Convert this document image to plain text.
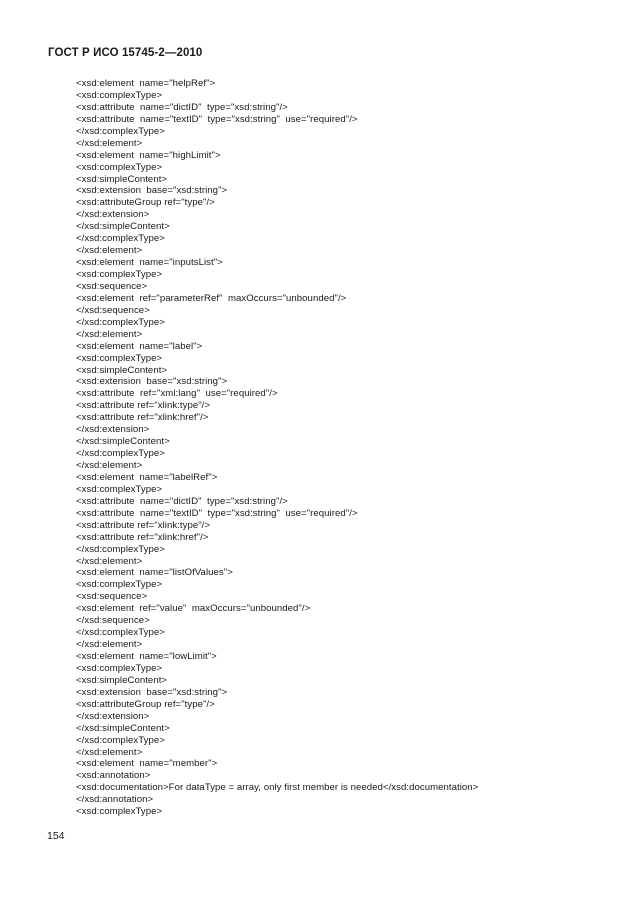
ГОСТ Р ИСО 15745-2—2010
<xsd:element  name="helpRef">
<xsd:complexType>
<xsd:attribute  name="dictID"  type="xsd:string"/>
<xsd:attribute  name="textID"  type="xsd:string"  use="required"/>
</xsd:complexType>
</xsd:element>
<xsd:element  name="highLimit">
<xsd:complexType>
<xsd:simpleContent>
<xsd:extension  base="xsd:string">
<xsd:attributeGroup ref="type"/>
</xsd:extension>
</xsd:simpleContent>
</xsd:complexType>
</xsd:element>
<xsd:element  name="inputsList">
<xsd:complexType>
<xsd:sequence>
<xsd:element  ref="parameterRef"  maxOccurs="unbounded"/>
</xsd:sequence>
</xsd:complexType>
</xsd:element>
<xsd:element  name="label">
<xsd:complexType>
<xsd:simpleContent>
<xsd:extension  base="xsd:string">
<xsd:attribute  ref="xml:lang"  use="required"/>
<xsd:attribute ref="xlink:type"/>
<xsd:attribute ref="xlink:href"/>
</xsd:extension>
</xsd:simpleContent>
</xsd:complexType>
</xsd:element>
<xsd:element  name="labelRef">
<xsd:complexType>
<xsd:attribute  name="dictID"  type="xsd:string"/>
<xsd:attribute  name="textID"  type="xsd:string"  use="required"/>
<xsd:attribute ref="xlink:type"/>
<xsd:attribute ref="xlink:href"/>
</xsd:complexType>
</xsd:element>
<xsd:element  name="listOfValues">
<xsd:complexType>
<xsd:sequence>
<xsd:element  ref="value"  maxOccurs="unbounded"/>
</xsd:sequence>
</xsd:complexType>
</xsd:element>
<xsd:element  name="lowLimit">
<xsd:complexType>
<xsd:simpleContent>
<xsd:extension  base="xsd:string">
<xsd:attributeGroup ref="type"/>
</xsd:extension>
</xsd:simpleContent>
</xsd:complexType>
</xsd:element>
<xsd:element  name="member">
<xsd:annotation>
<xsd:documentation>For dataType = array, only first member is needed</xsd:documentation>
</xsd:annotation>
<xsd:complexType>
154
